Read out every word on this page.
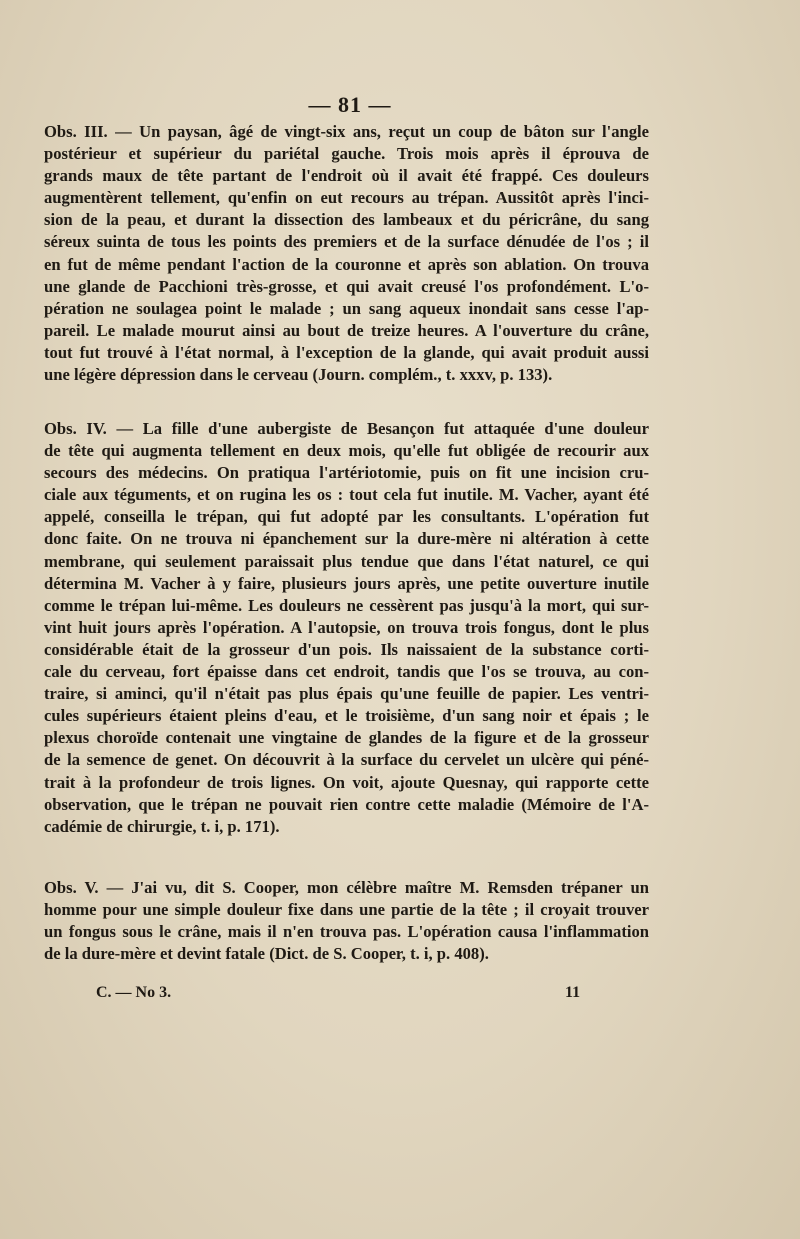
— 81 —
Obs. III. — Un paysan, âgé de vingt-six ans, reçut un coup de bâton sur l'angle
postérieur et supérieur du pariétal gauche. Trois mois après il éprouva de
grands maux de tête partant de l'endroit où il avait été frappé. Ces douleurs
augmentèrent tellement, qu'enfin on eut recours au trépan. Aussitôt après l'inci-
sion de la peau, et durant la dissection des lambeaux et du péricrâne, du sang
séreux suinta de tous les points des premiers et de la surface dénudée de l'os ; il
en fut de même pendant l'action de la couronne et après son ablation. On trouva
une glande de Pacchioni très-grosse, et qui avait creusé l'os profondément. L'o-
pération ne soulagea point le malade ; un sang aqueux inondait sans cesse l'ap-
pareil. Le malade mourut ainsi au bout de treize heures. A l'ouverture du crâne,
tout fut trouvé à l'état normal, à l'exception de la glande, qui avait produit aussi
une légère dépression dans le cerveau (Journ. complém., t. xxxv, p. 133).
Obs. IV. — La fille d'une aubergiste de Besançon fut attaquée d'une douleur
de tête qui augmenta tellement en deux mois, qu'elle fut obligée de recourir aux
secours des médecins. On pratiqua l'artériotomie, puis on fit une incision cru-
ciale aux téguments, et on rugina les os : tout cela fut inutile. M. Vacher, ayant été
appelé, conseilla le trépan, qui fut adopté par les consultants. L'opération fut
donc faite. On ne trouva ni épanchement sur la dure-mère ni altération à cette
membrane, qui seulement paraissait plus tendue que dans l'état naturel, ce qui
détermina M. Vacher à y faire, plusieurs jours après, une petite ouverture inutile
comme le trépan lui-même. Les douleurs ne cessèrent pas jusqu'à la mort, qui sur-
vint huit jours après l'opération. A l'autopsie, on trouva trois fongus, dont le plus
considérable était de la grosseur d'un pois. Ils naissaient de la substance corti-
cale du cerveau, fort épaisse dans cet endroit, tandis que l'os se trouva, au con-
traire, si aminci, qu'il n'était pas plus épais qu'une feuille de papier. Les ventri-
cules supérieurs étaient pleins d'eau, et le troisième, d'un sang noir et épais ; le
plexus choroïde contenait une vingtaine de glandes de la figure et de la grosseur
de la semence de genet. On découvrit à la surface du cervelet un ulcère qui péné-
trait à la profondeur de trois lignes. On voit, ajoute Quesnay, qui rapporte cette
observation, que le trépan ne pouvait rien contre cette maladie (Mémoire de l'A-
cadémie de chirurgie, t. i, p. 171).
Obs. V. — J'ai vu, dit S. Cooper, mon célèbre maître M. Remsden trépaner un
homme pour une simple douleur fixe dans une partie de la tête ; il croyait trouver
un fongus sous le crâne, mais il n'en trouva pas. L'opération causa l'inflammation
de la dure-mère et devint fatale (Dict. de S. Cooper, t. i, p. 408).
C. — No 3.	11
